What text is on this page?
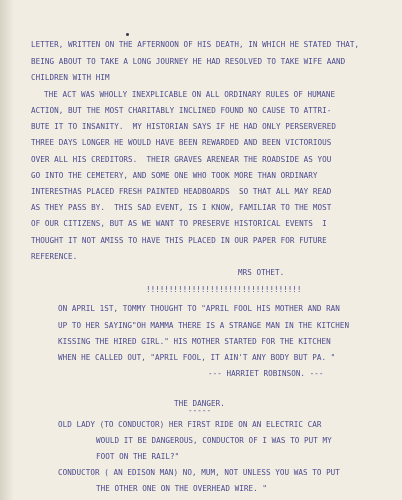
LETTER, WRITTEN ON THE AFTERNOON OF HIS DEATH, IN WHICH HE STATED THAT,
BEING ABOUT TO TAKE A LONG JOURNEY HE HAD RESOLVED TO TAKE WIFE AAND
CHILDREN WITH HIM
THE ACT WAS WHOLLY INEXPLICABLE ON ALL ORDINARY RULES OF HUMANE
ACTION, BUT THE MOST CHARITABLY INCLINED FOUND NO CAUSE TO ATTRI-
BUTE IT TO INSANITY.  MY HISTORIAN SAYS IF HE HAD ONLY PERSERVERED
THREE DAYS LONGER HE WOULD HAVE BEEN REWARDED AND BEEN VICTORIOUS
OVER ALL HIS CREDITORS.  THEIR GRAVES ARENEAR THE ROADSIDE AS YOU
GO INTO THE CEMETERY, AND SOME ONE WHO TOOK MORE THAN ORDINARY
INTERESTHAS PLACED FRESH PAINTED HEADBOARDS  SO THAT ALL MAY READ
AS THEY PASS BY.  THIS SAD EVENT, IS I KNOW, FAMILIAR TO THE MOST
OF OUR CITIZENS, BUT AS WE WANT TO PRESERVE HISTORICAL EVENTS  I
THOUGHT IT NOT AMISS TO HAVE THIS PLACED IN OUR PAPER FOR FUTURE
REFERENCE.
MRS OTHET.
!!!!!!!!!!!!!!!!!!!!!!!!!!!!!!!!!!
ON APRIL 1ST, TOMMY THOUGHT TO "APRIL FOOL HIS MOTHER AND RAN
UP TO HER SAYING"OH MAMMA THERE IS A STRANGE MAN IN THE KITCHEN
KISSING THE HIRED GIRL." HIS MOTHER STARTED FOR THE KITCHEN
WHEN HE CALLED OUT, "APRIL FOOL, IT AIN'T ANY BODY BUT PA. "
--- HARRIET ROBINSON. ---
THE DANGER.
-----
OLD LADY (TO CONDUCTOR) HER FIRST RIDE ON AN ELECTRIC CAR
WOULD IT BE DANGEROUS, CONDUCTOR OF I WAS TO PUT MY
FOOT ON THE RAIL?"
CONDUCTOR ( AN EDISON MAN) NO, MUM, NOT UNLESS YOU WAS TO PUT
THE OTHER ONE ON THE OVERHEAD WIRE. "
